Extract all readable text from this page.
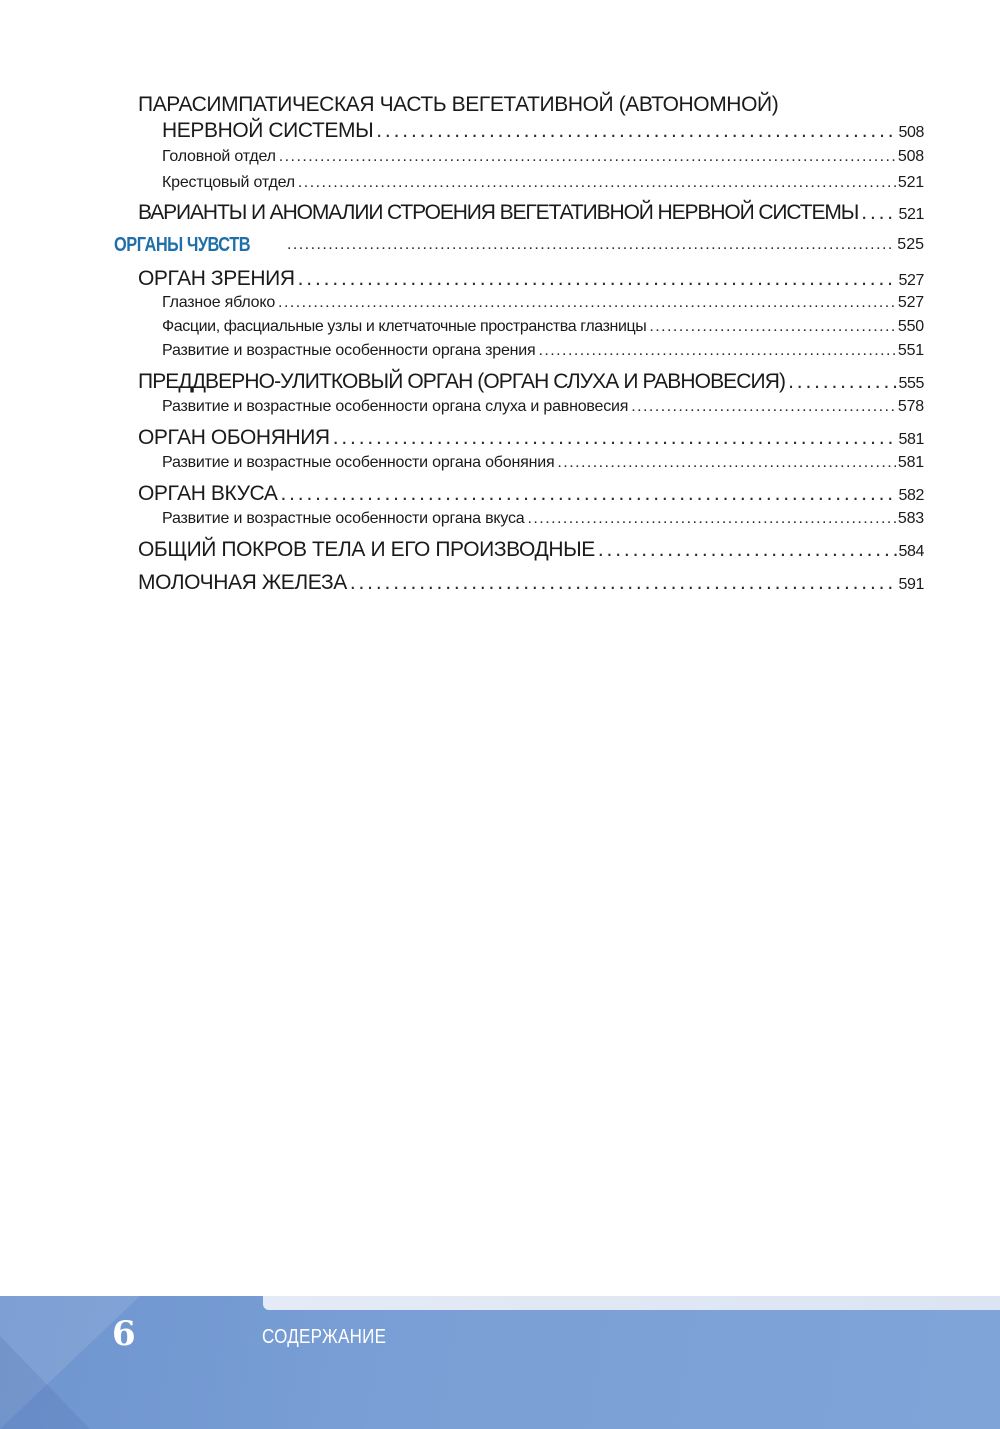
ПАРАСИМПАТИЧЕСКАЯ ЧАСТЬ ВЕГЕТАТИВНОЙ (АВТОНОМНОЙ)
НЕРВНОЙ СИСТЕМЫ . . .	508
Головной отдел . . .	508
Крестцовый отдел . . .	521
ВАРИАНТЫ И АНОМАЛИИ СТРОЕНИЯ ВЕГЕТАТИВНОЙ НЕРВНОЙ СИСТЕМЫ . . .	521
ОРГАНЫ ЧУВСТВ . . .	525
ОРГАН ЗРЕНИЯ . . .	527
Глазное яблоко . . .	527
Фасции, фасциальные узлы и клетчаточные пространства глазницы . . .	550
Развитие и возрастные особенности органа зрения . . .	551
ПРЕДДВЕРНО-УЛИТКОВЫЙ ОРГАН (ОРГАН СЛУХА И РАВНОВЕСИЯ) . . .	555
Развитие и возрастные особенности органа слуха и равновесия . . .	578
ОРГАН ОБОНЯНИЯ . . .	581
Развитие и возрастные особенности органа обоняния . . .	581
ОРГАН ВКУСА . . .	582
Развитие и возрастные особенности органа вкуса . . .	583
ОБЩИЙ ПОКРОВ ТЕЛА И ЕГО ПРОИЗВОДНЫЕ . . .	584
МОЛОЧНАЯ ЖЕЛЕЗА . . .	591
6	СОДЕРЖАНИЕ
